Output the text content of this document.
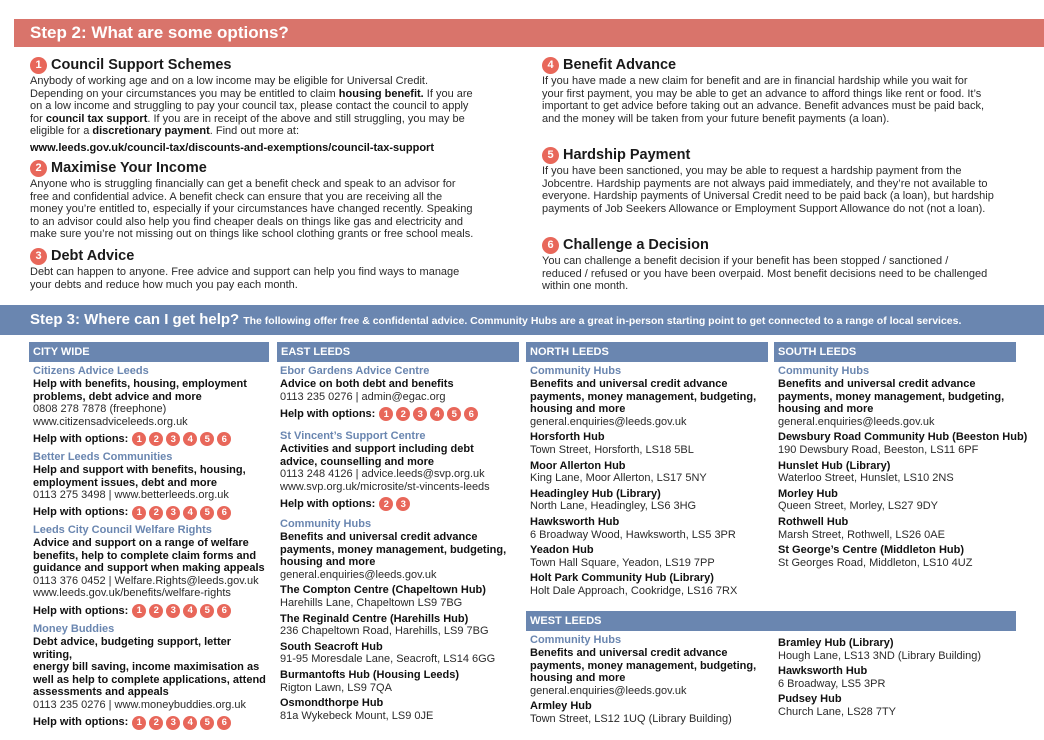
Step 2: What are some options?
1 Council Support Schemes

Anybody of working age and on a low income may be eligible for Universal Credit.

Depending on your circumstances you may be entitled to claim housing benefit. If you are

on a low income and struggling to pay your council tax, please contact the council to apply

for council tax support. If you are in receipt of the above and still struggling, you may be

eligible for a discretionary payment. Find out more at:

www.leeds.gov.uk/council-tax/discounts-and-exemptions/council-tax-support

2 Maximise Your Income

Anyone who is struggling financially can get a benefit check and speak to an advisor for

free and confidential advice. A benefit check can ensure that you are receiving all the

money you’re entitled to, especially if your circumstances have changed recently. Speaking

to an advisor could also help you find cheaper deals on things like gas and electricity and

make sure you’re not missing out on things like school clothing grants or free school meals.

3 Debt Advice

Debt can happen to anyone. Free advice and support can help you find ways to manage

your debts and reduce how much you pay each month.

4 Benefit Advance

If you have made a new claim for benefit and are in financial hardship while you wait for

your first payment, you may be able to get an advance to afford things like rent or food. It’s

important to get advice before taking out an advance. Benefit advances must be paid back,

and the money will be taken from your future benefit payments (a loan).

5 Hardship Payment

If you have been sanctioned, you may be able to request a hardship payment from the

Jobcentre. Hardship payments are not always paid immediately, and they’re not available to

everyone. Hardship payments of Universal Credit need to be paid back (a loan), but hardship

payments of Job Seekers Allowance or Employment Support Allowance do not (not a loan).

6 Challenge a Decision

You can challenge a benefit decision if your benefit has been stopped / sanctioned /

reduced / refused or you have been overpaid. Most benefit decisions need to be challenged

within one month.

Step 3: Where can I get help? The following offer free & confidental advice. Community Hubs are a great in-person starting point to get connected to a range of local services.
CITY WIDE	EAST LEEDS	NORTH LEEDS	SOUTH LEEDS
WEST LEEDS
Citizens Advice Leeds
Help with benefits, housing, employment
problems, debt advice and more
0808 278 7878 (freephone)
www.citizensadviceleeds.org.uk
Help with options: 1	2	3	4	5	6
Better Leeds Communities
Help and support with benefits, housing,
employment issues, debt and more
0113 275 3498 | www.betterleeds.org.uk
Help with options: 1	2	3	4	5	6
Leeds City Council Welfare Rights
Advice and support on a range of welfare
benefits, help to complete claim forms and
guidance and support when making appeals
0113 376 0452 | Welfare.Rights@leeds.gov.uk
www.leeds.gov.uk/benefits/welfare-rights
Help with options: 1	2	3	4	5	6
Money Buddies
Debt advice, budgeting support, letter writing,
energy bill saving, income maximisation as
well as help to complete applications, attend
assessments and appeals
0113 235 0276 | www.moneybuddies.org.uk
Help with options: 1	2	3	4	5	6
Ebor Gardens Advice Centre
Advice on both debt and benefits
0113 235 0276 | admin@egac.org
Help with options: 1	2	3	4	5	6
St Vincent’s Support Centre
Activities and support including debt
advice, counselling and more
0113 248 4126 | advice.leeds@svp.org.uk
www.svp.org.uk/microsite/st-vincents-leeds
Help with options: 2	3
Community Hubs
Benefits and universal credit advance
payments, money management, budgeting,
housing and more
general.enquiries@leeds.gov.uk
The Compton Centre (Chapeltown Hub)
Harehills Lane, Chapeltown LS9 7BG
The Reginald Centre (Harehills Hub)
236 Chapeltown Road, Harehills, LS9 7BG
South Seacroft Hub
91-95 Moresdale Lane, Seacroft, LS14 6GG
Burmantofts Hub (Housing Leeds)
Rigton Lawn, LS9 7QA
Osmondthorpe Hub
81a Wykebeck Mount, LS9 0JE
Community Hubs
Benefits and universal credit advance
payments, money management, budgeting,
housing and more
general.enquiries@leeds.gov.uk
Horsforth Hub
Town Street, Horsforth, LS18 5BL
Moor Allerton Hub
King Lane, Moor Allerton, LS17 5NY
Headingley Hub (Library)
North Lane, Headingley, LS6 3HG
Hawksworth Hub
6 Broadway Wood, Hawksworth, LS5 3PR
Yeadon Hub
Town Hall Square, Yeadon, LS19 7PP
Holt Park Community Hub (Library)
Holt Dale Approach, Cookridge, LS16 7RX
Community Hubs
Benefits and universal credit advance
payments, money management, budgeting,
housing and more
general.enquiries@leeds.gov.uk
Dewsbury Road Community Hub (Beeston Hub)
190 Dewsbury Road, Beeston, LS11 6PF
Hunslet Hub (Library)
Waterloo Street, Hunslet, LS10 2NS
Morley Hub
Queen Street, Morley, LS27 9DY
Rothwell Hub
Marsh Street, Rothwell, LS26 0AE
St George’s Centre (Middleton Hub)
St Georges Road, Middleton, LS10 4UZ
Community Hubs
Benefits and universal credit advance
payments, money management, budgeting,
housing and more
general.enquiries@leeds.gov.uk
Armley Hub
Town Street, LS12 1UQ (Library Building)
Bramley Hub (Library)
Hough Lane, LS13 3ND (Library Building)
Hawksworth Hub
6 Broadway, LS5 3PR
Pudsey Hub
Church Lane, LS28 7TY
